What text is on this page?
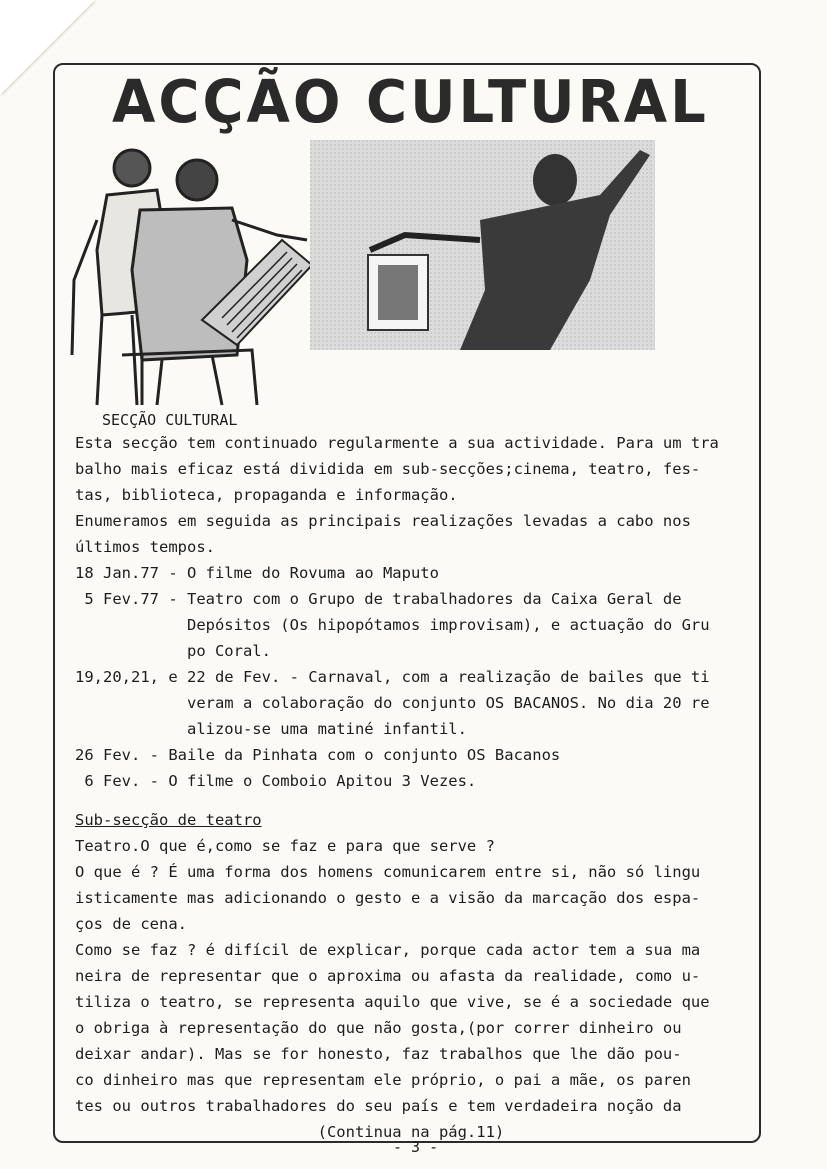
ACÇÃO CULTURAL
SECÇÃO CULTURAL

Esta secção tem continuado regularmente a sua actividade. Para um tra

balho mais eficaz está dividida em sub-secções;cinema, teatro, fes-

tas, biblioteca, propaganda e informação.

Enumeramos em seguida as principais realizações levadas a cabo nos

últimos tempos.

18 Jan.77 - O filme do Rovuma ao Maputo

5 Fev.77 - Teatro com o Grupo de trabalhadores da Caixa Geral de

Depósitos (Os hipopótamos improvisam), e actuação do Gru

po Coral.

19,20,21, e 22 de Fev. - Carnaval, com a realização de bailes que ti

veram a colaboração do conjunto OS BACANOS. No dia 20 re

alizou-se uma matiné infantil.

26 Fev. - Baile da Pinhata com o conjunto OS Bacanos

6 Fev. - O filme o Comboio Apitou 3 Vezes.

Sub-secção de teatro

Teatro.O que é,como se faz e para que serve ?

O que é ? É uma forma dos homens comunicarem entre si, não só lingu

isticamente mas adicionando o gesto e a visão da marcação dos espa-

ços de cena.

Como se faz ? é difícil de explicar, porque cada actor tem a sua ma

neira de representar que o aproxima ou afasta da realidade, como u-

tiliza o teatro, se representa aquilo que vive, se é a sociedade que

o obriga à representação do que não gosta,(por correr dinheiro ou

deixar andar). Mas se for honesto, faz trabalhos que lhe dão pou-

co dinheiro mas que representam ele próprio, o pai a mãe, os paren

tes ou outros trabalhadores do seu país e tem verdadeira noção da

(Continua na pág.11)

- 3 -
